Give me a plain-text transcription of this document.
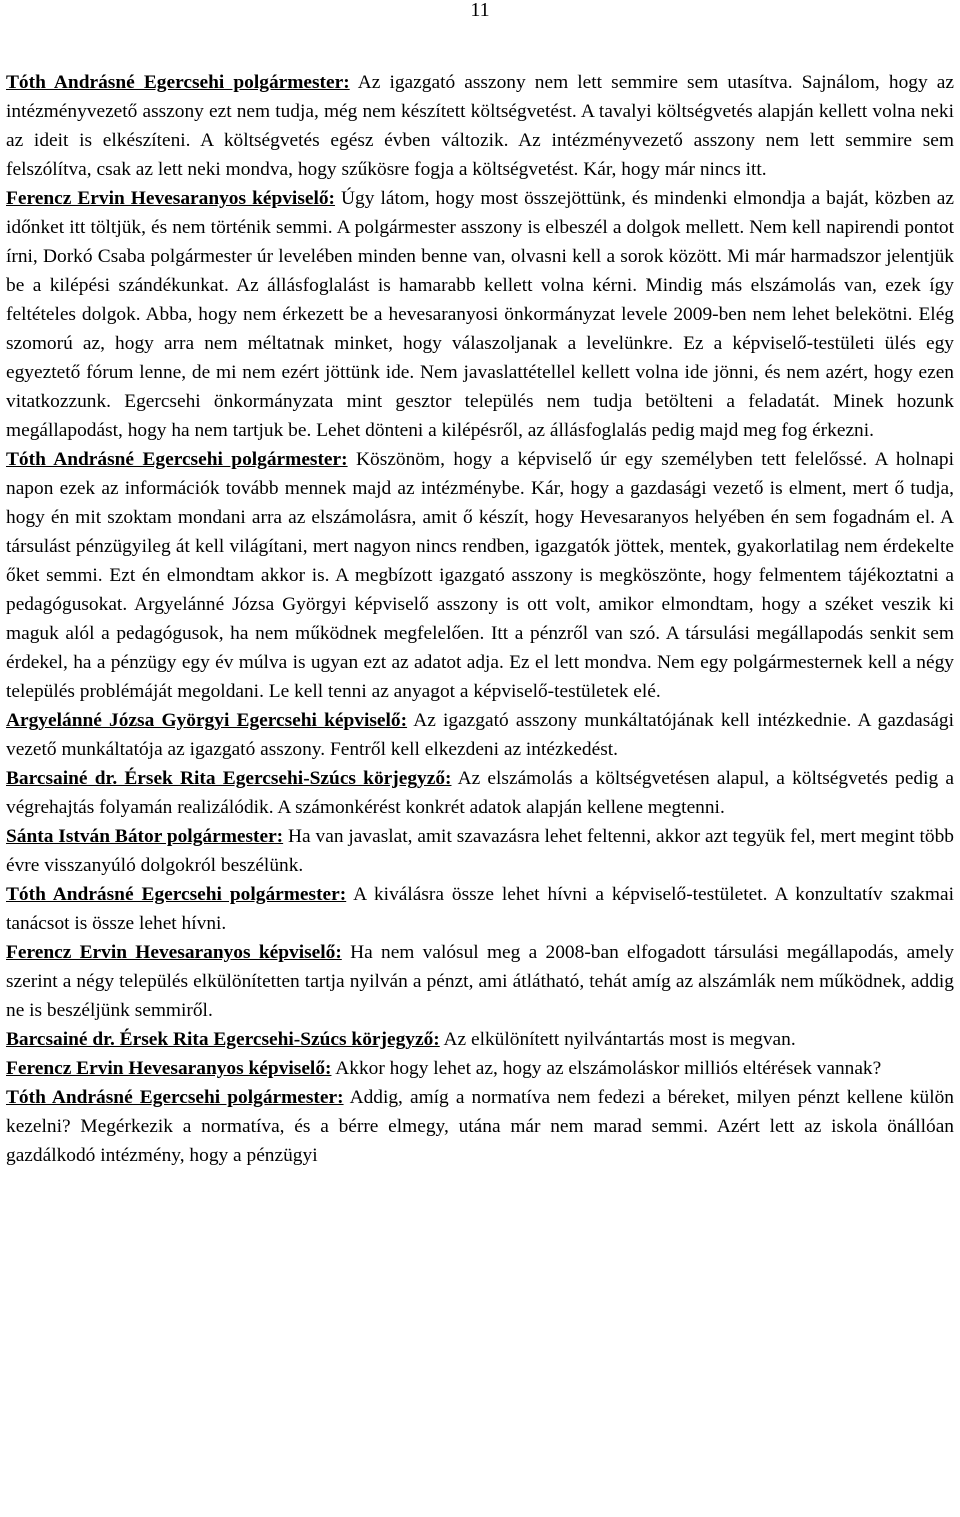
11

Tóth Andrásné Egercsehi polgármester: Az igazgató asszony nem lett semmire sem utasítva. Sajnálom, hogy az intézményvezető asszony ezt nem tudja, még nem készített költségvetést. A tavalyi költségvetés alapján kellett volna neki az ideit is elkészíteni. A költségvetés egész évben változik. Az intézményvezető asszony nem lett semmire sem felszólítva, csak az lett neki mondva, hogy szűkösre fogja a költségvetést. Kár, hogy már nincs itt.

Ferencz Ervin Hevesaranyos képviselő: Úgy látom, hogy most összejöttünk, és mindenki elmondja a baját, közben az időnket itt töltjük, és nem történik semmi. A polgármester asszony is elbeszél a dolgok mellett. Nem kell napirendi pontot írni, Dorkó Csaba polgármester úr levelében minden benne van, olvasni kell a sorok között. Mi már harmadszor jelentjük be a kilépési szándékunkat. Az állásfoglalást is hamarabb kellett volna kérni. Mindig más elszámolás van, ezek így feltételes dolgok. Abba, hogy nem érkezett be a hevesaranyosi önkormányzat levele 2009-ben nem lehet belekötni. Elég szomorú az, hogy arra nem méltatnak minket, hogy válaszoljanak a levelünkre. Ez a képviselő-testületi ülés egy egyeztető fórum lenne, de mi nem ezért jöttünk ide. Nem javaslattétellel kellett volna ide jönni, és nem azért, hogy ezen vitatkozzunk. Egercsehi önkormányzata mint gesztor település nem tudja betölteni a feladatát. Minek hozunk megállapodást, hogy ha nem tartjuk be. Lehet dönteni a kilépésről, az állásfoglalás pedig majd meg fog érkezni.

Tóth Andrásné Egercsehi polgármester: Köszönöm, hogy a képviselő úr egy személyben tett felelőssé. A holnapi napon ezek az információk tovább mennek majd az intézménybe. Kár, hogy a gazdasági vezető is elment, mert ő tudja, hogy én mit szoktam mondani arra az elszámolásra, amit ő készít, hogy Hevesaranyos helyében én sem fogadnám el. A társulást pénzügyileg át kell világítani, mert nagyon nincs rendben, igazgatók jöttek, mentek, gyakorlatilag nem érdekelte őket semmi. Ezt én elmondtam akkor is. A megbízott igazgató asszony is megköszönte, hogy felmentem tájékoztatni a pedagógusokat. Argyelánné Józsa Györgyi képviselő asszony is ott volt, amikor elmondtam, hogy a széket veszik ki maguk alól a pedagógusok, ha nem működnek megfelelően. Itt a pénzről van szó. A társulási megállapodás senkit sem érdekel, ha a pénzügy egy év múlva is ugyan ezt az adatot adja. Ez el lett mondva. Nem egy polgármesternek kell a négy település problémáját megoldani. Le kell tenni az anyagot a képviselő-testületek elé.

Argyelánné Józsa Györgyi Egercsehi képviselő: Az igazgató asszony munkáltatójának kell intézkednie. A gazdasági vezető munkáltatója az igazgató asszony. Fentről kell elkezdeni az intézkedést.

Barcsainé dr. Érsek Rita Egercsehi-Szúcs körjegyző: Az elszámolás a költségvetésen alapul, a költségvetés pedig a végrehajtás folyamán realizálódik. A számonkérést konkrét adatok alapján kellene megtenni.

Sánta István Bátor polgármester: Ha van javaslat, amit szavazásra lehet feltenni, akkor azt tegyük fel, mert megint több évre visszanyúló dolgokról beszélünk.

Tóth Andrásné Egercsehi polgármester: A kiválásra össze lehet hívni a képviselő-testületet. A konzultatív szakmai tanácsot is össze lehet hívni.

Ferencz Ervin Hevesaranyos képviselő: Ha nem valósul meg a 2008-ban elfogadott társulási megállapodás, amely szerint a négy település elkülönítetten tartja nyilván a pénzt, ami átlátható, tehát amíg az alszámlák nem működnek, addig ne is beszéljünk semmiről.

Barcsainé dr. Érsek Rita Egercsehi-Szúcs körjegyző: Az elkülönített nyilvántartás most is megvan.

Ferencz Ervin Hevesaranyos képviselő: Akkor hogy lehet az, hogy az elszámoláskor milliós eltérések vannak?

Tóth Andrásné Egercsehi polgármester: Addig, amíg a normatíva nem fedezi a béreket, milyen pénzt kellene külön kezelni? Megérkezik a normatíva, és a bérre elmegy, utána már nem marad semmi. Azért lett az iskola önállóan gazdálkodó intézmény, hogy a pénzügyi
